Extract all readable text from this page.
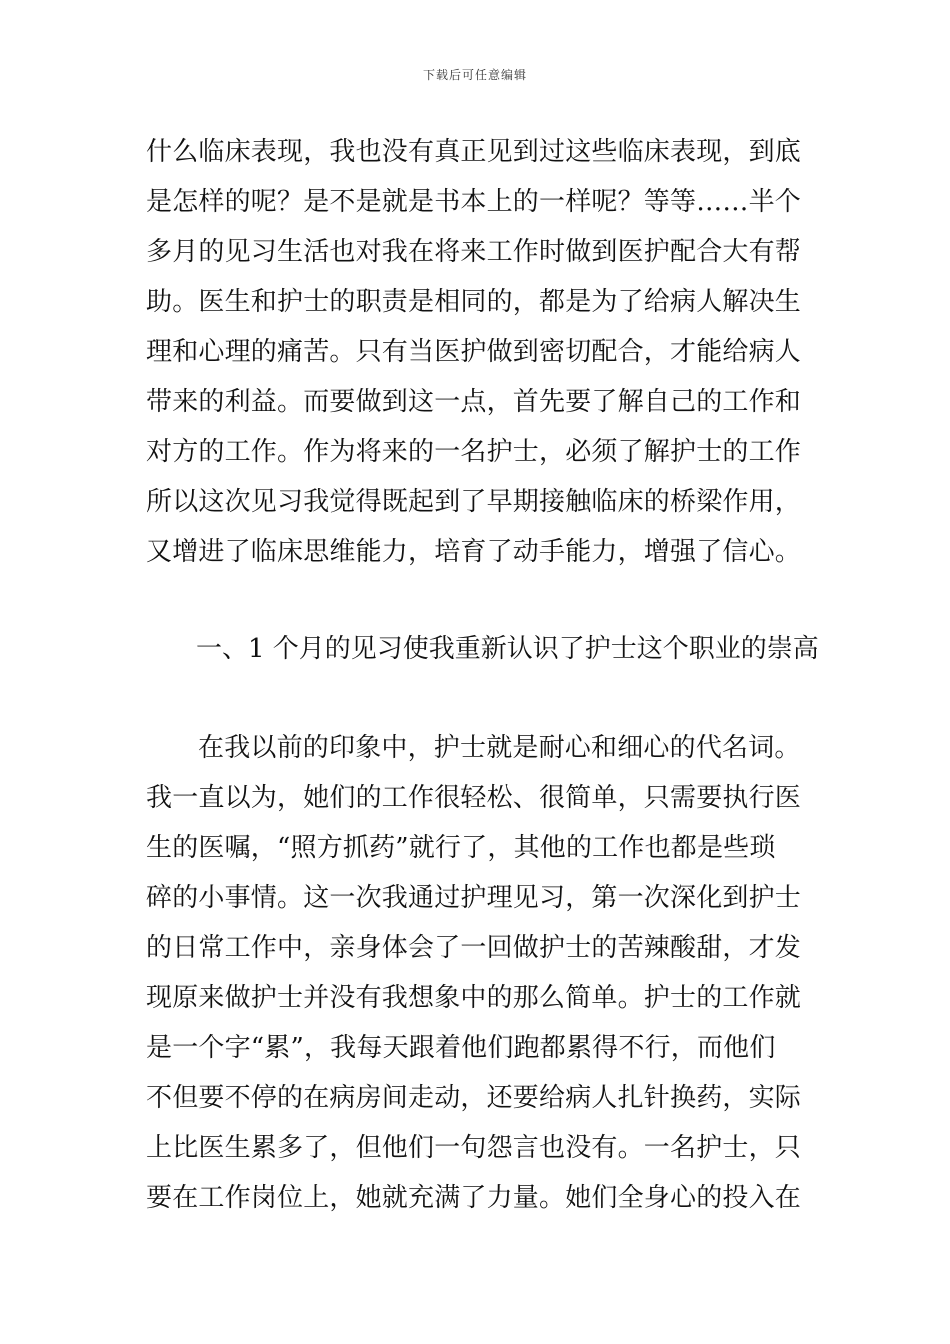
下载后可任意编辑
什么临床表现，我也没有真正见到过这些临床表现，到底
是怎样的呢？是不是就是书本上的一样呢？等等……半个
多月的见习生活也对我在将来工作时做到医护配合大有帮
助。医生和护士的职责是相同的，都是为了给病人解决生
理和心理的痛苦。只有当医护做到密切配合，才能给病人
带来的利益。而要做到这一点，首先要了解自己的工作和
对方的工作。作为将来的一名护士，必须了解护士的工作
所以这次见习我觉得既起到了早期接触临床的桥梁作用，
又增进了临床思维能力，培育了动手能力，增强了信心。
一、1 个月的见习使我重新认识了护士这个职业的崇高
在我以前的印象中，护士就是耐心和细心的代名词。
我一直以为，她们的工作很轻松、很简单，只需要执行医
生的医嘱，“照方抓药”就行了，其他的工作也都是些琐
碎的小事情。这一次我通过护理见习，第一次深化到护士
的日常工作中，亲身体会了一回做护士的苦辣酸甜，才发
现原来做护士并没有我想象中的那么简单。护士的工作就
是一个字“累”，我每天跟着他们跑都累得不行，而他们
不但要不停的在病房间走动，还要给病人扎针换药，实际
上比医生累多了，但他们一句怨言也没有。一名护士，只
要在工作岗位上，她就充满了力量。她们全身心的投入在
